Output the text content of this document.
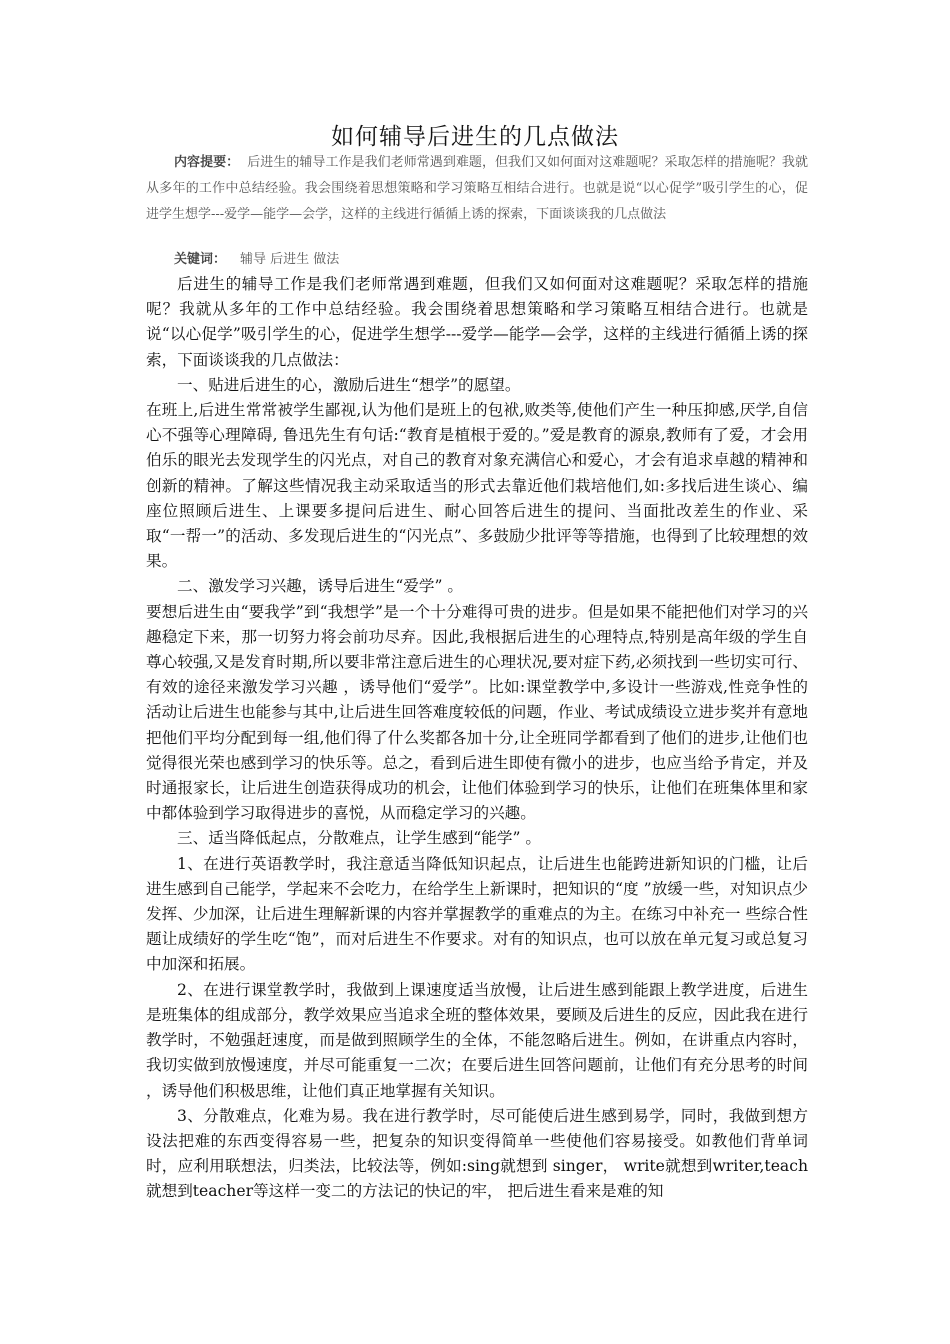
如何辅导后进生的几点做法
内容提要： 后进生的辅导工作是我们老师常遇到难题，但我们又如何面对这难题呢？采取怎样的措施呢？我就从多年的工作中总结经验。我会围绕着思想策略和学习策略互相结合进行。也就是说“以心促学”吸引学生的心，促进学生想学---爱学—能学—会学，这样的主线进行循循上诱的探索，下面谈谈我的几点做法
关键词： 辅导 后进生 做法

后进生的辅导工作是我们老师常遇到难题，但我们又如何面对这难题呢？采取怎样的措施呢？我就从多年的工作中总结经验。我会围绕着思想策略和学习策略互相结合进行。也就是说“以心促学”吸引学生的心，促进学生想学---爱学—能学—会学，这样的主线进行循循上诱的探索，下面谈谈我的几点做法：

一、贴进后进生的心，激励后进生“想学”的愿望。

在班上,后进生常常被学生鄙视,认为他们是班上的包袱,败类等,使他们产生一种压抑感,厌学,自信心不强等心理障碍, 鲁迅先生有句话:“教育是植根于爱的。”爱是教育的源泉,教师有了爱，才会用伯乐的眼光去发现学生的闪光点，对自己的教育对象充满信心和爱心，才会有追求卓越的精神和创新的精神。了解这些情况我主动采取适当的形式去靠近他们栽培他们,如:多找后进生谈心、编座位照顾后进生、上课要多提问后进生、耐心回答后进生的提问、当面批改差生的作业、采取“一帮一”的活动、多发现后进生的“闪光点”、多鼓励少批评等等措施，也得到了比较理想的效果。

二、激发学习兴趣，诱导后进生“爱学” 。

要想后进生由“要我学”到“我想学”是一个十分难得可贵的进步。但是如果不能把他们对学习的兴趣稳定下来，那一切努力将会前功尽弃。因此,我根据后进生的心理特点,特别是高年级的学生自尊心较强,又是发育时期,所以要非常注意后进生的心理状况,要对症下药,必须找到一些切实可行、有效的途径来激发学习兴趣 ，诱导他们“爱学”。比如:课堂教学中,多设计一些游戏,性竞争性的 活动让后进生也能参与其中,让后进生回答难度较低的问题，作业、考试成绩设立进步奖并有意地把他们平均分配到每一组,他们得了什么奖都各加十分,让全班同学都看到了他们的进步,让他们也觉得很光荣也感到学习的快乐等。总之，看到后进生即使有微小的进步，也应当给予肯定，并及时通报家长，让后进生创造获得成功的机会，让他们体验到学习的快乐，让他们在班集体里和家中都体验到学习取得进步的喜悦，从而稳定学习的兴趣。

三、适当降低起点，分散难点，让学生感到“能学” 。

1、在进行英语教学时，我注意适当降低知识起点，让后进生也能跨进新知识的门槛，让后进生感到自己能学，学起来不会吃力，在给学生上新课时，把知识的“度 ”放缓一些，对知识点少发挥、少加深，让后进生理解新课的内容并掌握教学的重难点的为主。在练习中补充一 些综合性题让成绩好的学生吃“饱”，而对后进生不作要求。对有的知识点，也可以放在单元复习或总复习中加深和拓展。

2、在进行课堂教学时，我做到上课速度适当放慢，让后进生感到能跟上教学进度，后进生是班集体的组成部分，教学效果应当追求全班的整体效果，要顾及后进生的反应，因此我在进行教学时，不勉强赶速度，而是做到照顾学生的全体，不能忽略后进生。例如，在讲重点内容时，我切实做到放慢速度，并尽可能重复一二次；在要后进生回答问题前，让他们有充分思考的时间 ，诱导他们积极思维，让他们真正地掌握有关知识。

3、分散难点，化难为易。我在进行教学时，尽可能使后进生感到易学，同时，我做到想方设法把难的东西变得容易一些，把复杂的知识变得简单一些使他们容易接受。如教他们背单词时，应利用联想法，归类法，比较法等，例如:sing就想到 singer， write就想到writer,teach就想到teacher等这样一变二的方法记的快记的牢， 把后进生看来是难的知
